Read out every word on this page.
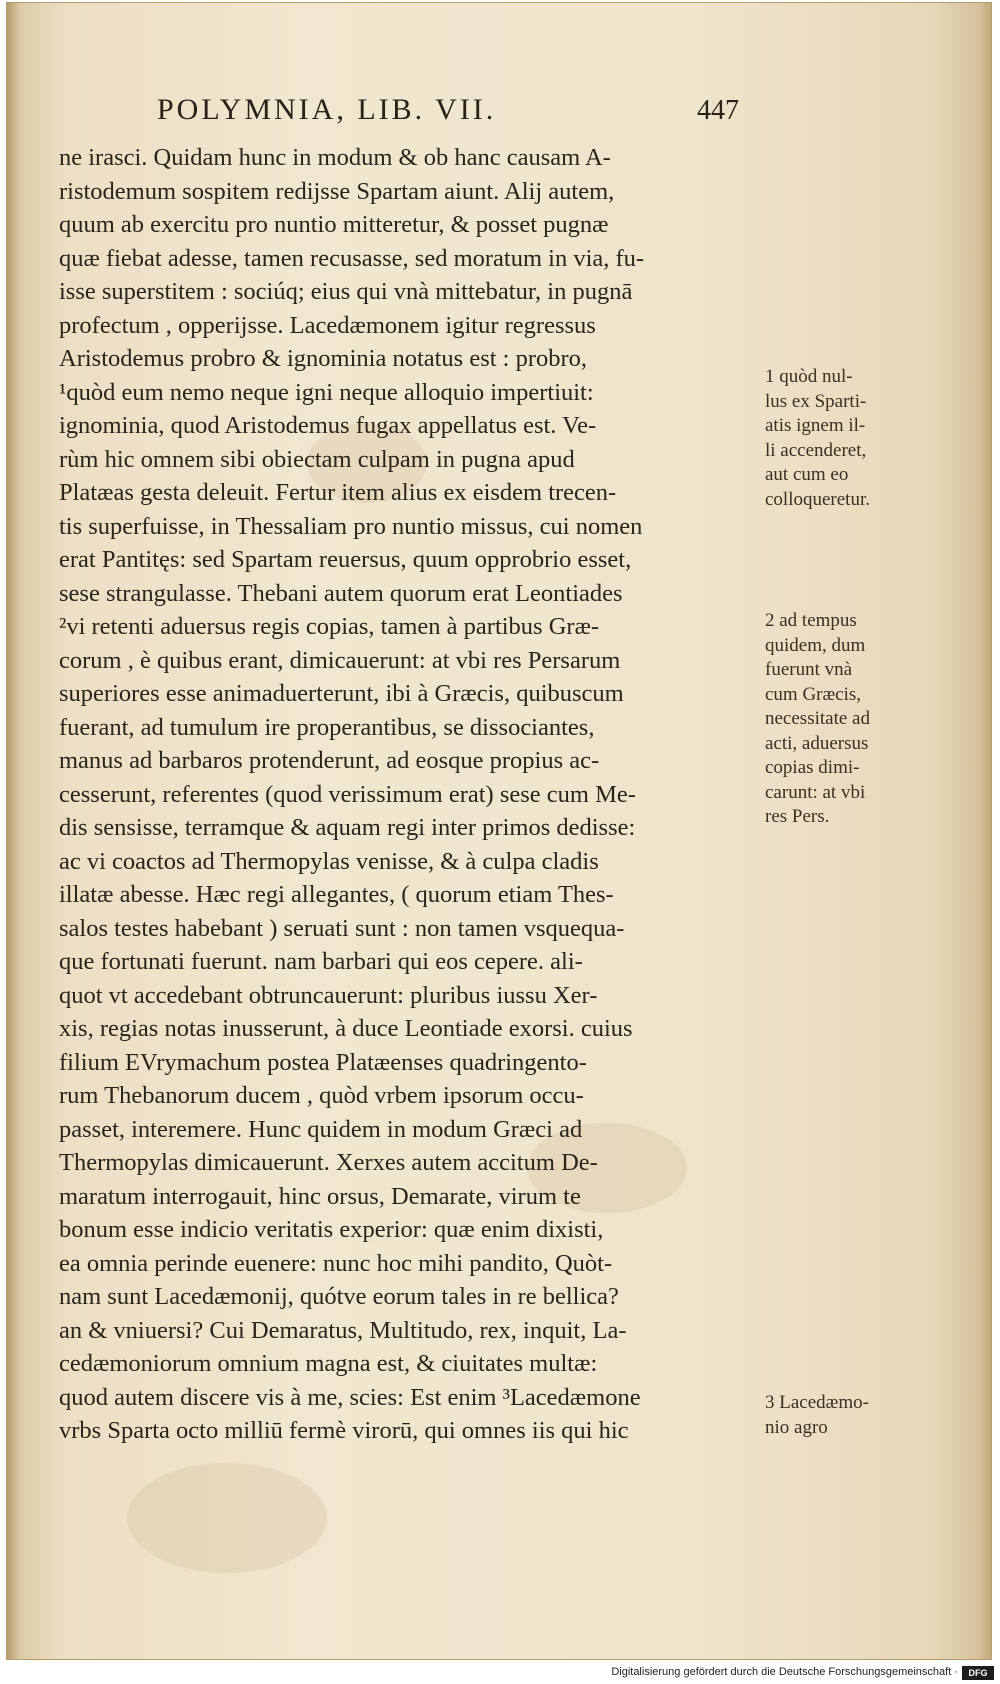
POLYMNIA, LIB. VII.	447
ne irasci. Quidam hunc in modum & ob hanc causam A-
ristodemum sospitem redijsse Spartam aiunt. Alij autem,
quum ab exercitu pro nuntio mitteretur, & posset pugnæ
quæ fiebat adesse, tamen recusasse, sed moratum in via, fu-
isse superstitem : sociúq; eius qui vnà mittebatur, in pugnā
profectum , opperijsse. Lacedæmonem igitur regressus
Aristodemus probro & ignominia notatus est : probro,
¹quòd eum nemo neque igni neque alloquio impertiuit:
ignominia, quod Aristodemus fugax appellatus est. Ve-
rùm hic omnem sibi obiectam culpam in pugna apud
Platæas gesta deleuit. Fertur item alius ex eisdem trecen-
tis superfuisse, in Thessaliam pro nuntio missus, cui nomen
erat Pantitęs: sed Spartam reuersus, quum opprobrio esset,
sese strangulasse. Thebani autem quorum erat Leontiades
²vi retenti aduersus regis copias, tamen à partibus Græ-
corum , è quibus erant, dimicauerunt: at vbi res Persarum
superiores esse animaduerterunt, ibi à Græcis, quibuscum
fuerant, ad tumulum ire properantibus, se dissociantes,
manus ad barbaros protenderunt, ad eosque propius ac-
cesserunt, referentes (quod verissimum erat) sese cum Me-
dis sensisse, terramque & aquam regi inter primos dedisse:
ac vi coactos ad Thermopylas venisse, & à culpa cladis
illatæ abesse. Hæc regi allegantes, ( quorum etiam Thes-
salos testes habebant ) seruati sunt : non tamen vsquequa-
que fortunati fuerunt. nam barbari qui eos cepere. ali-
quot vt accedebant obtruncauerunt: pluribus iussu Xer-
xis, regias notas inusserunt, à duce Leontiade exorsi. cuius
filium EVrymachum postea Platæenses quadringento-
rum Thebanorum ducem , quòd vrbem ipsorum occu-
passet, interemere. Hunc quidem in modum Græci ad
Thermopylas dimicauerunt. Xerxes autem accitum De-
maratum interrogauit, hinc orsus, Demarate, virum te
bonum esse indicio veritatis experior: quæ enim dixisti,
ea omnia perinde euenere: nunc hoc mihi pandito, Quòt-
nam sunt Lacedæmonij, quótve eorum tales in re bellica?
an & vniuersi? Cui Demaratus, Multitudo, rex, inquit, La-
cedæmoniorum omnium magna est, & ciuitates multæ:
quod autem discere vis à me, scies: Est enim ³Lacedæmone
vrbs Sparta octo milliū fermè virorū, qui omnes iis qui hic
1 quòd nul-
lus ex Sparti-
atis ignem il-
li accenderet,
aut cum eo
colloqueretur.
2 ad tempus
quidem, dum
fuerunt vnà
cum Græcis,
necessitate ad
acti, aduersus
copias dimi-
carunt: at vbi
res Pers.
3 Lacedæmo-
nio agro
Digitalisierung gefördert durch die Deutsche Forschungsgemeinschaft ·	DFG
